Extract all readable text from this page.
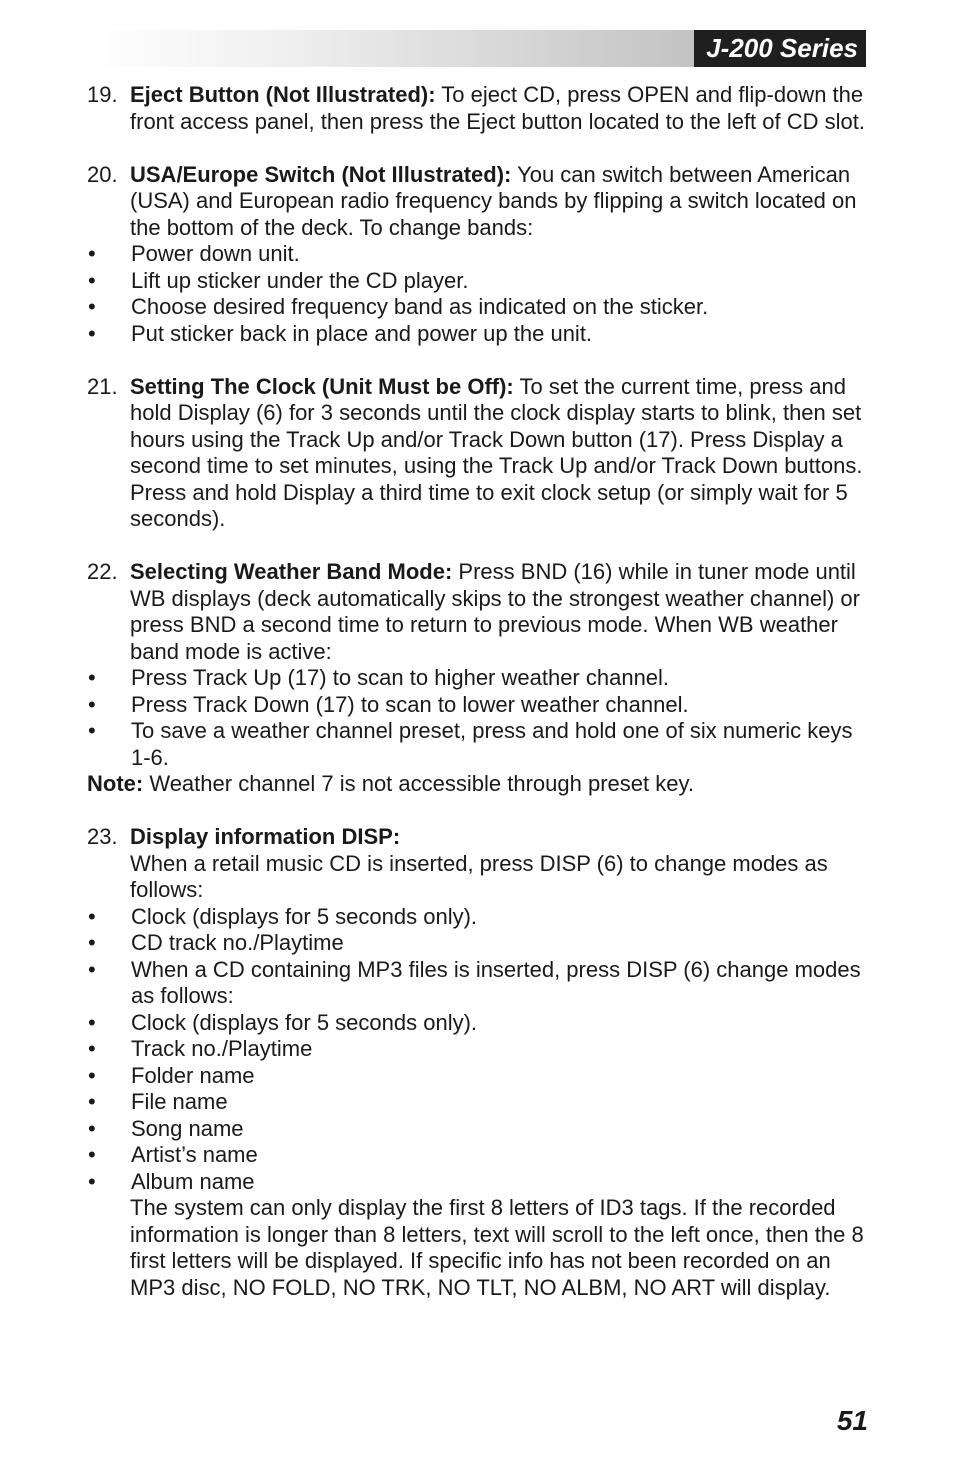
J-200 Series
19. Eject Button (Not Illustrated): To eject CD, press OPEN and flip-down the front access panel, then press the Eject button located to the left of CD slot.
20. USA/Europe Switch (Not Illustrated): You can switch between American (USA) and European radio frequency bands by flipping a switch located on the bottom of the deck. To change bands:
•	Power down unit.
•	Lift up sticker under the CD player.
•	Choose desired frequency band as indicated on the sticker.
•	Put sticker back in place and power up the unit.
21. Setting The Clock (Unit Must be Off): To set the current time, press and hold Display (6) for 3 seconds until the clock display starts to blink, then set hours using the Track Up and/or Track Down button (17). Press Display a second time to set minutes, using the Track Up and/or Track Down buttons. Press and hold Display a third time to exit clock setup (or simply wait for 5 seconds).
22. Selecting Weather Band Mode: Press BND (16) while in tuner mode until WB displays (deck automatically skips to the strongest weather channel) or press BND a second time to return to previous mode. When WB weather band mode is active:
•	Press Track Up (17) to scan to higher weather channel.
•	Press Track Down (17) to scan to lower weather channel.
•	To save a weather channel preset, press and hold one of six numeric keys 1-6.
Note: Weather channel 7 is not accessible through preset key.
23. Display information DISP:
When a retail music CD is inserted, press DISP (6) to change modes as follows:
•	Clock (displays for 5 seconds only).
•	CD track no./Playtime
•	When a CD containing MP3 files is inserted, press DISP (6) change modes as follows:
•	Clock (displays for 5 seconds only).
•	Track no./Playtime
•	Folder name
•	File name
•	Song name
•	Artist’s name
•	Album name
The system can only display the first 8 letters of ID3 tags. If the recorded information is longer than 8 letters, text will scroll to the left once, then the 8 first letters will be displayed. If specific info has not been recorded on an MP3 disc, NO FOLD, NO TRK, NO TLT, NO ALBM, NO ART will display.
51
